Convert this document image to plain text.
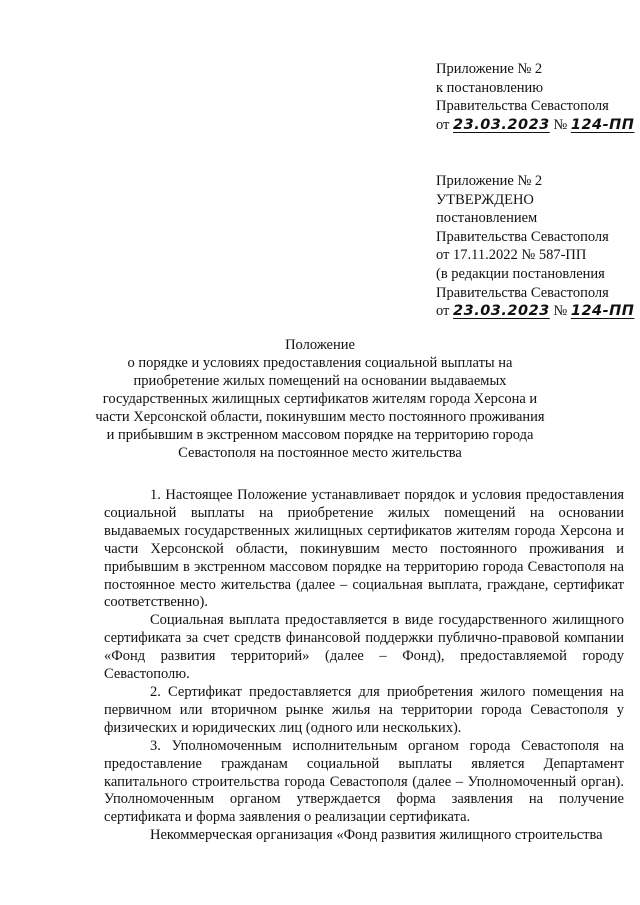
Приложение № 2
к постановлению
Правительства Севастополя
от 23.03.2023 № 124-ПП
Приложение № 2
УТВЕРЖДЕНО
постановлением
Правительства Севастополя
от 17.11.2022 № 587-ПП
(в редакции постановления
Правительства Севастополя
от 23.03.2023 № 124-ПП
Положение
о порядке и условиях предоставления социальной выплаты на приобретение жилых помещений на основании выдаваемых государственных жилищных сертификатов жителям города Херсона и части Херсонской области, покинувшим место постоянного проживания и прибывшим в экстренном массовом порядке на территорию города Севастополя на постоянное место жительства

1. Настоящее Положение устанавливает порядок и условия предоставления социальной выплаты на приобретение жилых помещений на основании выдаваемых государственных жилищных сертификатов жителям города Херсона и части Херсонской области, покинувшим место постоянного проживания и прибывшим в экстренном массовом порядке на территорию города Севастополя на постоянное место жительства (далее – социальная выплата, граждане, сертификат соответственно).

Социальная выплата предоставляется в виде государственного жилищного сертификата за счет средств финансовой поддержки публично-правовой компании «Фонд развития территорий» (далее – Фонд), предоставляемой городу Севастополю.

2. Сертификат предоставляется для приобретения жилого помещения на первичном или вторичном рынке жилья на территории города Севастополя у физических и юридических лиц (одного или нескольких).

3. Уполномоченным исполнительным органом города Севастополя на предоставление гражданам социальной выплаты является Департамент капитального строительства города Севастополя (далее – Уполномоченный орган). Уполномоченным органом утверждается форма заявления на получение сертификата и форма заявления о реализации сертификата.

Некоммерческая организация «Фонд развития жилищного строительства
